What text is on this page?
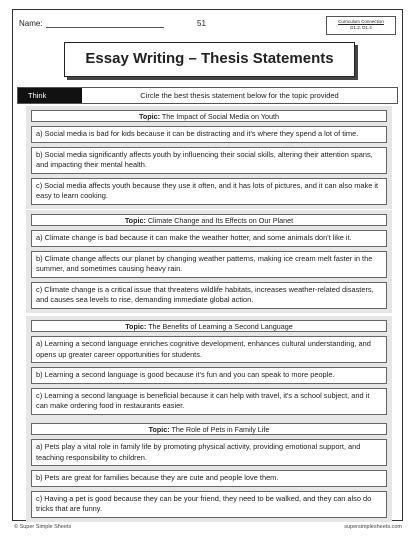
Name:	51	Curriculum Connection
D1.2, D1.4
Essay Writing – Thesis Statements
Think	Circle the best thesis statement below for the topic provided
Topic: The Impact of Social Media on Youth
a) Social media is bad for kids because it can be distracting and it's where they spend a lot of time.
b) Social media significantly affects youth by influencing their social skills, altering their attention spans, and impacting their mental health.
c) Social media affects youth because they use it often, and it has lots of pictures, and it can also make it easy to learn cooking.
Topic: Climate Change and Its Effects on Our Planet
a) Climate change is bad because it can make the weather hotter, and some animals don't like it.
b) Climate change affects our planet by changing weather patterns, making ice cream melt faster in the summer, and sometimes causing heavy rain.
c) Climate change is a critical issue that threatens wildlife habitats, increases weather-related disasters, and causes sea levels to rise, demanding immediate global action.
Topic: The Benefits of Learning a Second Language
a) Learning a second language enriches cognitive development, enhances cultural understanding, and opens up greater career opportunities for students.
b) Learning a second language is good because it's fun and you can speak to more people.
c) Learning a second language is beneficial because it can help with travel, it's a school subject, and it can make ordering food in restaurants easier.
Topic: The Role of Pets in Family Life
a) Pets play a vital role in family life by promoting physical activity, providing emotional support, and teaching responsibility to children.
b) Pets are great for families because they are cute and people love them.
c) Having a pet is good because they can be your friend, they need to be walked, and they can also do tricks that are funny.
© Super Simple Sheets	supersimplesheets.com
